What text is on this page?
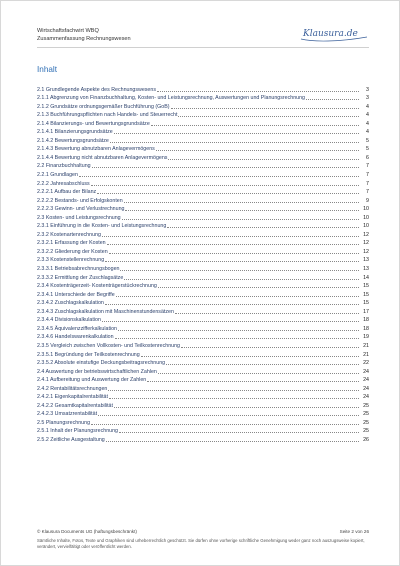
Wirtschaftsfachwirt WBQ
Zusammenfassung Rechnungswesen	Klausura.de
Inhalt
2.1 Grundlegende Aspekte des Rechnungswesens	3
2.1.1 Abgrenzung von Finanzbuchhaltung, Kosten- und Leistungsrechnung, Auswertungen und Planungsrechnung	3
2.1.2 Grundsätze ordnungsgemäßer Buchführung (GoB)	4
2.1.3 Buchführungspflichten nach Handels- und Steuerrecht	4
2.1.4 Bilanzierungs- und Bewertungsgrundsätze	4
2.1.4.1 Bilanzierungsgrundsätze	4
2.1.4.2 Bewertungsgrundsätze	5
2.1.4.3 Bewertung abnutzbaren Anlagevermögens	5
2.1.4.4 Bewertung nicht abnutzbaren Anlagevermögens	6
2.2 Finanzbuchhaltung	7
2.2.1 Grundlagen	7
2.2.2 Jahresabschluss	7
2.2.2.1 Aufbau der Bilanz	7
2.2.2.2 Bestands- und Erfolgskonten	9
2.2.2.3 Gewinn- und Verlustrechnung	10
2.3 Kosten- und Leistungsrechnung	10
2.3.1 Einführung in die Kosten- und Leistungsrechnung	10
2.3.2 Kostenartenrechnung	12
2.3.2.1 Erfassung der Kosten	12
2.3.2.2 Gliederung der Kosten	12
2.3.3 Kostenstellenrechnung	13
2.3.3.1 Betriebsabrechnungsbogen	13
2.3.3.2 Ermittlung der Zuschlagsätze	14
2.3.4 Kostenträgerzeit- Kostenträgerstückrechnung	15
2.3.4.1 Unterschiede der Begriffe	15
2.3.4.2 Zuschlagskalkulation	15
2.3.4.3 Zuschlagskalkulation mit Maschinenstundensätzen	17
2.3.4.4 Divisionskalkulation	18
2.3.4.5 Äquivalenzzifferkalkulation	18
2.3.4.6 Handelswarenkalkulation	19
2.3.5 Vergleich zwischen Vollkosten- und Teilkostenrechnung	21
2.3.5.1 Begründung der Teilkostenrechnung	21
2.3.5.2 Absolute einstufige Deckungsbeitragsrechnung	22
2.4 Auswertung der betriebswirtschaftlichen Zahlen	24
2.4.1 Aufbereitung und Auswertung der Zahlen	24
2.4.2 Rentabilitätsrechnungen	24
2.4.2.1 Eigenkapitalrentabilität	24
2.4.2.2 Gesamtkapitalrentabilität	25
2.4.2.3 Umsatzrentabilität	25
2.5 Planungsrechnung	25
2.5.1 Inhalt der Planungsrechnung	25
2.5.2 Zeitliche Ausgestaltung	26
© Klausura Documents UG (haftungsbeschränkt)	Seite 2 von 26
Sämtliche Inhalte, Fotos, Texte und Graphiken sind urheberrechtlich geschützt. Sie dürfen ohne vorherige schriftliche Genehmigung weder ganz noch auszugsweise kopiert, verändert, vervielfältigt oder veröffentlicht werden.
